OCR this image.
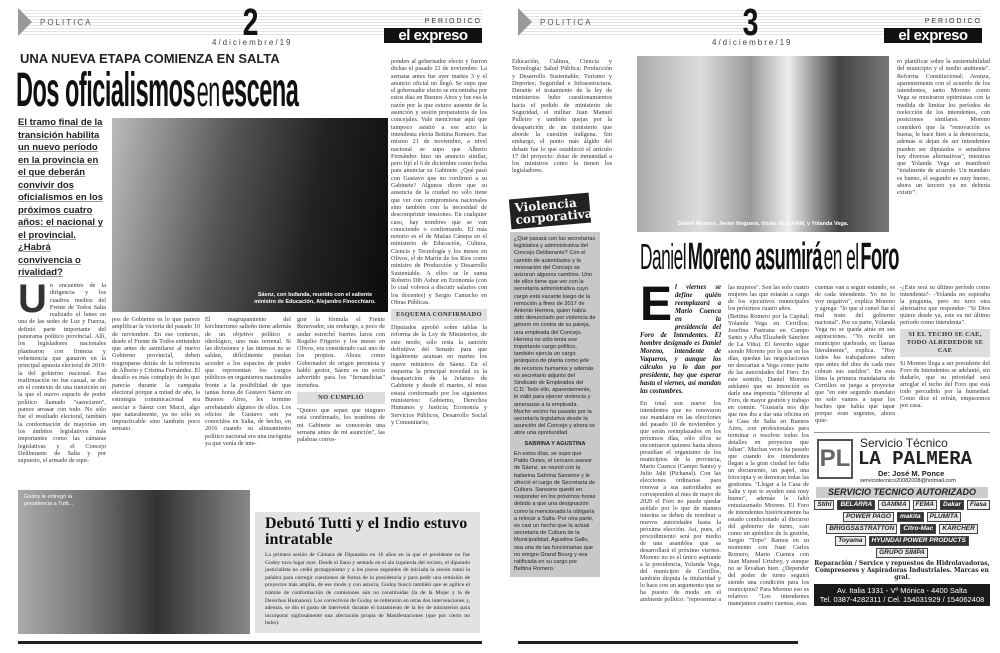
POLITICA	2	PERIODICO
el expreso
4/diciembre/19
UNA NUEVA ETAPA COMIENZA EN SALTA
Dos oficialismos en escena
El tramo final de la transición habilita un nuevo período en la provincia en el que deberán convivir dos oficialismos en los próximos cuatro años: el nacional y el provincial. ¿Habrá convivencia o rivalidad?
Sáenz, con bufanda, reunido con el saliente ministro de Educación, Alejandro Finocchiaro.
Un encuentro de la dirigencia y los cuadros medios del Frente de Todos Salta realizado el lunes en una de las sedes de Luz y Fuerza, definió parte importante del panorama político provincial. Allí, los legisladores nacionales plantearon con firmeza y vehemencia que ganaron en la principal apuesta electoral de 2019: la del gobierno nacional. Esa reafirmación no fue casual, se dio en el contexto de una transición en la que el nuevo espacio de poder político llamado "saencismo", parece arrasar con todo. No sólo fue el resultado electoral, también la conformación de mayorías en los ámbitos legislativos más importantes como las cámaras legislativas y el Concejo Deliberante de Salta y por supuesto, el armado de equi-
pos de Gobierno es lo que parece amplificar la victoria del pasado 10 de noviembre. En ese contexto, desde el Frente de Todos entienden que antes de asimilarse al nuevo Gobierno provincial, deben reagruparse detrás de la referencia de Alberto y Cristina Fernández. El desafío es más complejo de lo que parecía durante la campaña electoral porque a mitad de año, la estrategia comunicacional era asociar a Sáenz con Macri, algo que naturalmente, ya no sólo es impracticable sino también poco sensato.
El reagrupamiento del kirchnerismo salteño tiene además de un objetivo político e ideológico, uno más terrenal. Si las divisiones y las internas no se saldan, difícilmente puedan acceder a los espacios de poder que representan los cargos públicos en organismos nacionales frente a la posibilidad de que tantas horas de Gustavo Sáenz en Buenos Aires, les termine arrebatando algunos de ellos. Los oficios de Gustavo son ya conocidos en Salta, de hecho, en 2016 cuando su alineamiento político nacional era una incógnita ya que venía de inte-

grar la fórmula el Frente Renovador, sin embargo, a poco de andar estrechó fuertes lazos con Rogelio Frigerio y los meses en Olivos, era considerado casi uno de los propios. Ahora como Gobernador de origen peronista y habló gestor, Sáenz es un socio advertido para los "fernandistas" norteños.

NO CUMPLIÓ

"Quiero que sepan que ninguno está confirmado, los nombres de mi Gabinete se conocerán una semana antes de mi asunción", las palabras corres-

ponden al gobernador electo y fueron dichas el pasado 21 de noviembre. La semana antes fue ayer martes 3 y el anuncio oficial no llegó. Se supo que el gobernador electo se encontraba por estos días en Buenos Aires y fue esa la razón por la que estuvo ausente de la asunción y sesión preparatoria de los concejales. Vale mencionar aquí que tampoco asistió a ese acto la intendenta electa Bettina Romero. Ese mismo 21 de noviembre, a nivel nacional se supo que Alberto Fernández hizo un anuncio similar, pero fijó el 6 de diciembre como fecha para anunciar su Gabinete. ¿Qué pasó con Gustavo que no confirmó a su Gabinete? Algunos dicen que su ausencia de la ciudad no sólo tiene que ver con compromisos nacionales sino también con la necesidad de descomprimir tensiones. En cualquier caso, hay nombres que se van conociendo o confirmando. El más notorio es el de Matías Cánepa en el ministerio de Educación, Cultura, Ciencia y Tecnología y los meses en Olivos, el de Martín de los Ríos como ministro de Producción y Desarrollo Sustentable. A ellos se le suma Roberto Dib Ashur en Economía (con lo cual volverá a discutir salarios con los docentes) y Sergio Camacho en Obras Públicas.

ESQUEMA CONFIRMADO

Diputados aprobó sobre tablas la reforma de la Ley de Ministerios, de este modo, sólo resta la sanción definitiva del Senado para que legalmente asuman en martes los nueve ministros de Sáenz. En el esquema la principal novedad es la desaparición de la Jefatura de Gabinete y desde el martes, el mise estará conformado por los siguientes ministerios: Gobierno, Derechos Humanos y Justicia; Economía y Servicios Públicos, Desarrollo Social y Comunitario;

Godoy le entregó la presidencia a Tutti...
Debutó Tutti y el Indio estuvo intratable
La primera sesión de Cámara de Diputados en 16 años en la que el presidente no fue Godoy tuvo lugar ayer. Desde el llano y sentado en el ala izquierda del recinto, el diputado justicialista no cedió protagonismo y a los pocos segundos de iniciada la sesión tomó la palabra para corregir cuestiones de forma de la presidencia y para pedir una remisión de proyectos más amplia, de ese modo y con astucia, Godoy buscó también que se agilice el trámite de conformación de comisiones aún no constituidas (la de la Mujer y la de Derechos Humanos). Los correctivos de Godoy se reiteraron en otras dos intervenciones y, además, se dio el gusto de intervenir durante el tratamiento de la ley de ministerios para incorporar sigilosamente una afectación propia de Manifestaciones (que por cierto no hubo).
POLITICA	3	PERIODICO
el expreso
4/diciembre/19
Educación, Cultura, Ciencia y Tecnología; Salud Pública; Producción y Desarrollo Sustentable; Turismo y Deportes; Seguridad e Infraestructura. Durante el tratamiento de la ley de ministerios hubo cuestionamientos hacia el pedido de ministerio de Seguridad, el militar Juan Manuel Pulleiro y también quejas por la desaparición de un ministerio que aborde la cuestión indígena. Sin embargo, el punto más álgido del debate fue lo que estableció el artículo 17 del proyecto: dotar de inmunidad a los ministros como la tienen los legisladores.
Daniel Moreno, Javier Noguera, titular de la FAM, y Yolanda Vega.
ro planificar sobre la sustentabilidad del municipio y el medio ambiente". Reforma Constitucional: Avanza, aparentemente con el acuerdo de los intendentes, tanto Moreno como Vega se mostraron optimistas con la medida de limitar los períodos de reelección de los intendentes, con posiciones similares. Moreno consideró que la "renovación es buena, le hace bien a la democracia, además si dejan de ser intendentes pueden ser diputados o senadores hay diversas alternativas", mientras que Yolanda Vega se manifestó "totalmente de acuerdo. Un mandato es bueno, el segundo es muy bueno, ahora un tercero ya no debería existir".
Violencia corporativa

¿Qué pasará con las secretarías legislativa y administrativa del Concejo Deliberante? Con el cambio de autoridades y la renovación del Concejo se avizoran algunos cambios. Uno de ellos tiene que ver con la secretaría administrativa cuyo cargo está vacante luego de la remoción a fines de 2017 de Antonio Herrera, quien había sido denunciado por violencia de género en contra de su pareja, una empleada del Concejo. Herrera no sólo tenía ese importante cargo político, también ejercía un cargo jerárquico de planta como jefe de recursos humanos y además es secretario adjunto del Sindicato de Empleados del C.D. Todo ello, aparentemente, le valió para ejercer violencia y amenazas a la empleada. Mucho vecino ha pasado por la secretaría legislativa desde la asunción del Concejo y ahora se abre una oportunidad.

SABRINA Y AGUSTINA

En estos días, se supo que Pablo Outes, el cercano asesor de Sáenz, se reunió con la bailarina Sabrina Sansone y le ofreció el cargo de Secretaría de Cultura. Sansone quedó en responder en los próximos horas debido a que una designación como la mencionada la obligaría a relocar a Salta. Por otra parte, es casi un hecho que la actual secretaria de Cultura de la Municipalidad, Agustina Gallo, sea una de las funcionarias que no emigre Grand Bourg y sea ratificada en su cargo por Bettina Romero.

Daniel Moreno asumirá en el Foro

El viernes se define quién reemplazará a Mario Cuenca en la presidencia del Foro de Intendentes. El hombre designado es Daniel Moreno, intendente de Vaqueros, y aunque los cálculos ya lo dan por presidente, hay que esperar hasta el viernes, así mandan las costumbres.

En total son nueve los intendentes que no renovaron sus mandatos en las elecciones del pasado 10 de noviembre y que serán reemplazados en los próximos días, sólo ellos se encontraron quienes hasta ahora presidían el organismo de los municipios de la provincia, Mario Cuenca (Campo Santo) y Julio Jalit (Pichanal). Con las elecciones ordinarias para renovar a sus autoridades se corresponden al mes de mayo de 2020 el Foro no puede quedar acéfalo por lo que de manera interina se deben de nombrar a nuevos autoridades hasta la próxima elección. Así, pues, el procedimiento será por medio de una asamblea que se desarrollará el próximo viernes. Moreno no es el único aspirante a la presidencia, Yolanda Vega, del municipio de Cerrillos, también disputa la titularidad y lo hace con un argumento que se ha puesto de moda en el ambiente político: "representar a las mujeres". Son las solo cuatro mujeres las que estarán a cargo de los ejecutivos municipales los próximos cuatro años.

(Bettina Romero por la Capital; Yolanda Vega en Cerrillos; Josefina Pastrana en Campo Santo y Alba Elizabeth Sánchez de La Viña). El favorito sigue siendo Moreno por lo que en los días, quedan las negociaciones no descartan a Vega como parte de las autoridades del Foro. En este sentido, Daniel Moreno adelantó que su intención es darle una impronta "diferente al Foro, de mayor gestión y trabajo en común. "Gustaría nos dije que nos iba a dar una oficina en la Casa de Salta en Buenos Aires, con profesionales para terminar o resolver todos los detalles en proyectos que faltan". Muchas veces ha pasado que cuando los intendentes llegan a la gran ciudad les falta un documento, un papel, una fotocopia y se demoran todas las gestiones. "Llegar a la Casa de Salta y que te ayuden está muy bueno", además le faltó entusiasmado Moreno. El Foro de intendentes históricamente ha estado condicionado al discurso del gobierno de turno, casi como un apéndice de la gestión, Sergio "Topo" Ramos en su momento con Juan Carlos Romero, Mario Cuenca con Juan Manuel Urtubey, y aunque no se llevaban bien. ¿Depender del poder de turno seguirá siendo una condición para los municipios? Para Moreno eso es relativo: "Los intendentes manejamos cuatro cuentas, esas

cuentas van a seguir estando, es de cada intendente. Yo no lo voy negativo", explica Moreno y agrega: "lo que sí cansó fue el mal trato del gobierno nacional". Por su parte, Yolanda Vega no se queda atrás en sus aspiraciones. "Yo recibí un municipio quebrado, en llamas literalmente", explica. "Hoy todos los trabajadores saben que antes del diez de cada mes cobran sus sueldos". En esta línea la primera mandataria de Cerrillos se juega a proyectar que "en este segundo mandato no solo vamos a tapar los baches que había que tapar porque eran urgentes, ahora quie-

-¿Este será su último período como intendenta?- -Yolanda no esperaba la pregunta, pero no tuvo otra alternativa que responder- "Si Dios quiere desde ya, este es mi último período como intendenta".

SI EL TECHO SE CAE, TODO ALREDEDOR SE CAE

Si Moreno llega a ser presidente del Foro de Intendentes se adelantó, sin dudarlo, que su prioridad será arreglar el techo del Foro que está todo percudido por la humedad. Como dice el refrán, empecemos por casa.

PL
Servicio Técnico
LA PALMERA
De: José M. Ponce
serviciotecnico20082008@hotmail.com
SERVICIO TECNICO AUTORIZADO
Stihl	BELARRA	GAMMA	FEMA	Dakar	Fiasa
POWER PAGO	makita	PLUMITA
BRIGGS&STRATTON	Citro-Mac	KÄRCHER
Toyama	HYUNDAI POWER PRODUCTS
GRUPO SIMPA
Reparación / Service y repuestos de Hidrolavadoras, Compresores y Aspiradoras Industriales. Marcas en gral.
Av. Italia 1331 - Vº Mónica - 4400 Salta
Tel. 0387-4282311 / Cel. 154031929 / 154062408
